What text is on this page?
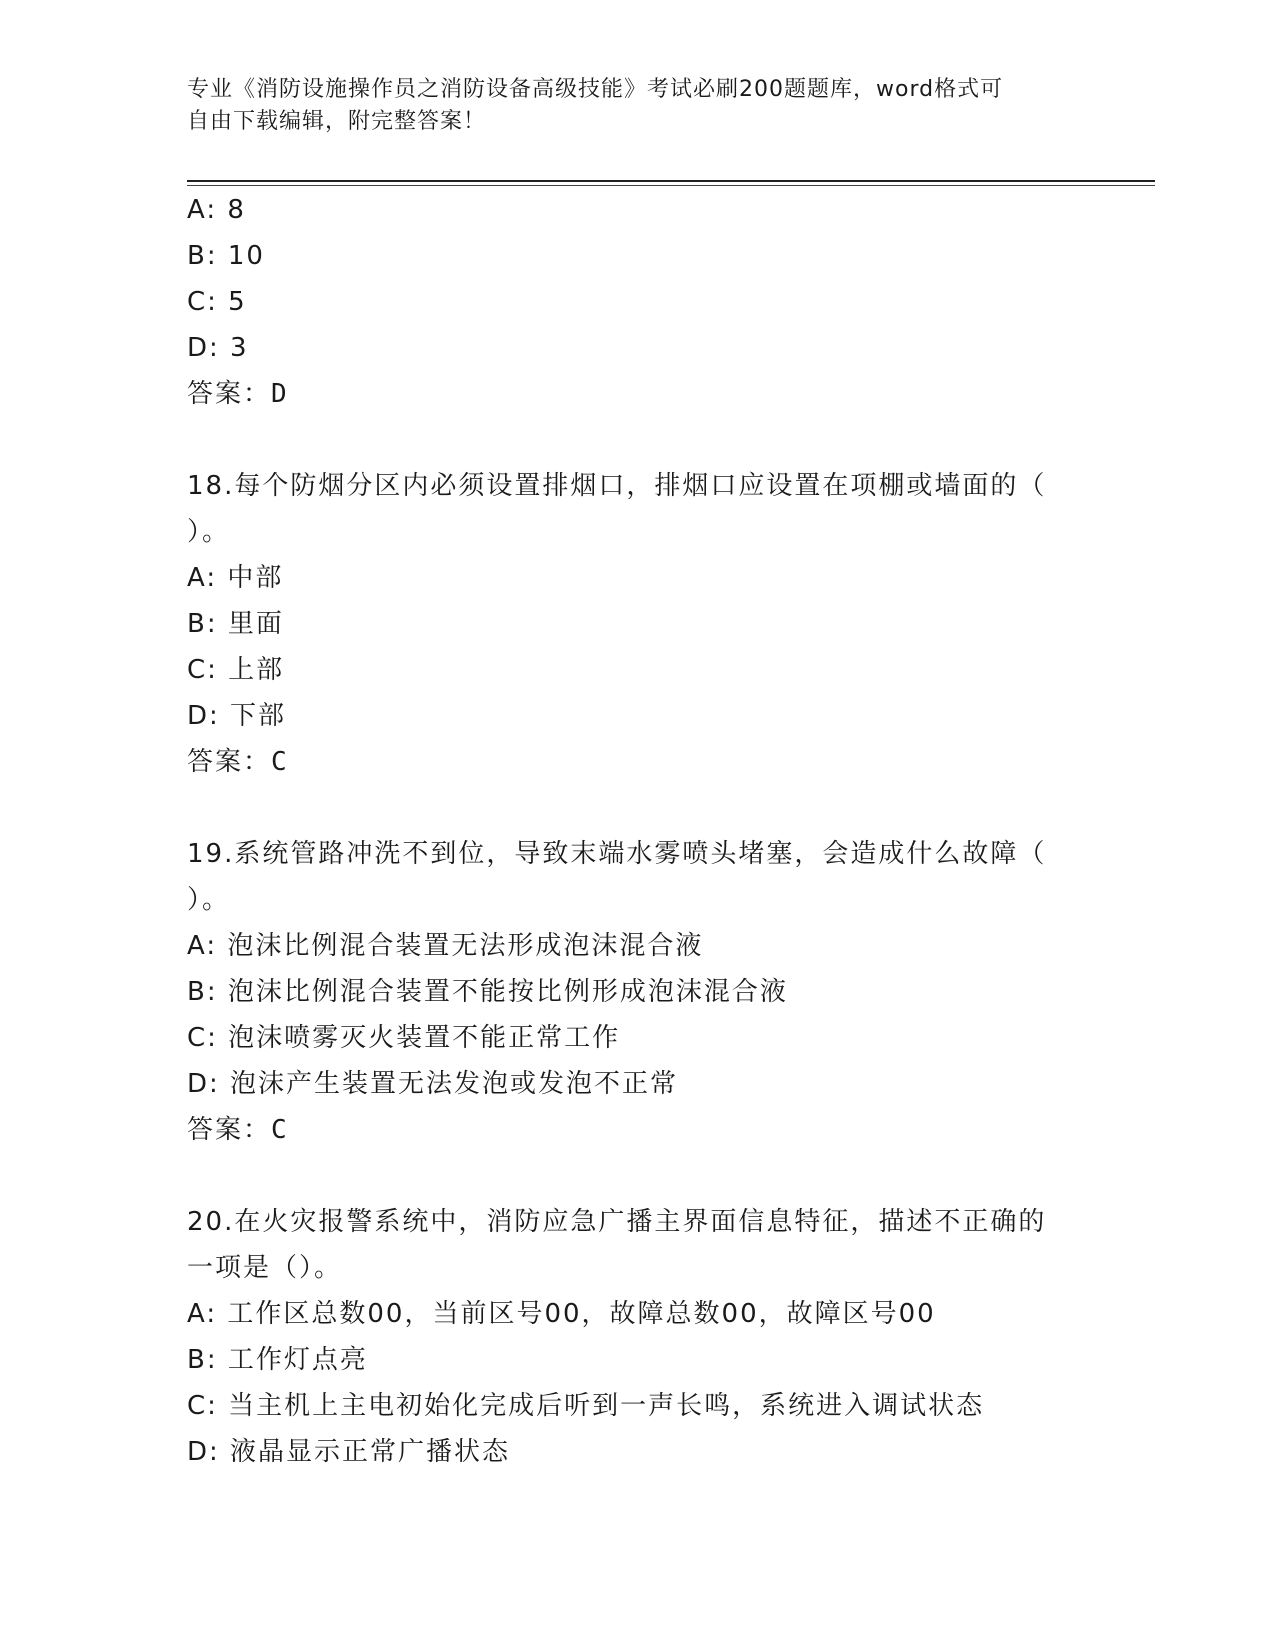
专业《消防设施操作员之消防设备高级技能》考试必刷200题题库，word格式可
自由下载编辑，附完整答案！
A: 8
B: 10
C: 5
D: 3
答案：D
18.每个防烟分区内必须设置排烟口，排烟口应设置在项棚或墙面的（
）。
A: 中部
B: 里面
C: 上部
D: 下部
答案：C
19.系统管路冲洗不到位，导致末端水雾喷头堵塞，会造成什么故障（
）。
A: 泡沫比例混合装置无法形成泡沫混合液
B: 泡沫比例混合装置不能按比例形成泡沫混合液
C: 泡沫喷雾灭火装置不能正常工作
D: 泡沫产生装置无法发泡或发泡不正常
答案：C
20.在火灾报警系统中，消防应急广播主界面信息特征，描述不正确的
一项是（）。
A: 工作区总数00，当前区号00，故障总数00，故障区号00
B: 工作灯点亮
C: 当主机上主电初始化完成后听到一声长鸣，系统进入调试状态
D: 液晶显示正常广播状态
